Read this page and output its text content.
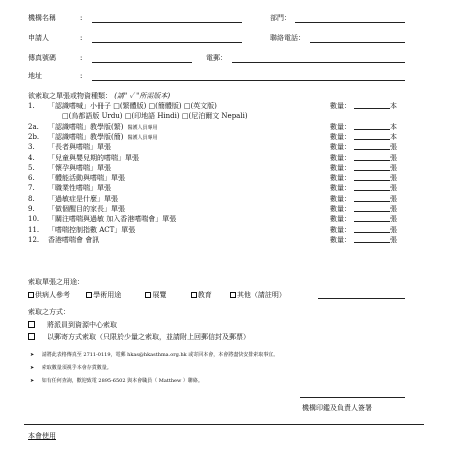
機構名稱	:	部門：
申請人	:	聯絡電話：
傳真號碼	:	電郵：
地址	:
欲索取之單張或物資種類： (請" ✓ "所需版本)
1. 「認識嗜喊」小冊子 □(繁體版) □(簡體版) □(英文版)	數量：	本
□(烏都語版 Urdu) □(印地語 Hindi) □(尼泊爾文 Nepali)
2a. 「認識嗜喘」教學版(繁) 醫護人員專用	數量：	本
2b. 「認識嗜喘」教學版(簡) 醫護人員專用	數量：	本
3. 「長者與嗜喘」單張	數量：	張
4. 「兒童與嬰兒期的嗜喘」單張	數量：	張
5. 「懷孕與嗜喘」單張	數量：	張
6. 「體能活動與嗜喘」單張	數量：	張
7. 「職業性嗜喘」單張	數量：	張
8. 「過敏症是什麼」單張	數量：	張
9. 「做個醒目的家長」單張	數量：	張
10. 「關注嗜喘與過敏 加入香港嗜喘會」單張	數量：	張
11. 「嗜喘控制指數 ACT」單張	數量：	張
12. 香港嗜喘會 會訊	數量：	張
索取單張之用途：
供病人參考	學術用途	展覽	教育	其他（請註明）
索取之方式：
將派員到資源中心索取
以郵寄方式索取（只限於少量之索取，並請附上回郵信封及郵票）
➤ 請將此表格傳真至 2711-0119，電郵 hkas@hkasthma.org.hk 或寄回本會，本會將盡快安排索取事宜。
➤ 索取數量須視乎本會存貨數量。
➤ 如有任何查詢，歡迎致電 2895-6502 與本會職員（ Matthew ）聯絡。
機構印鑑及負責人簽署
本會使用
